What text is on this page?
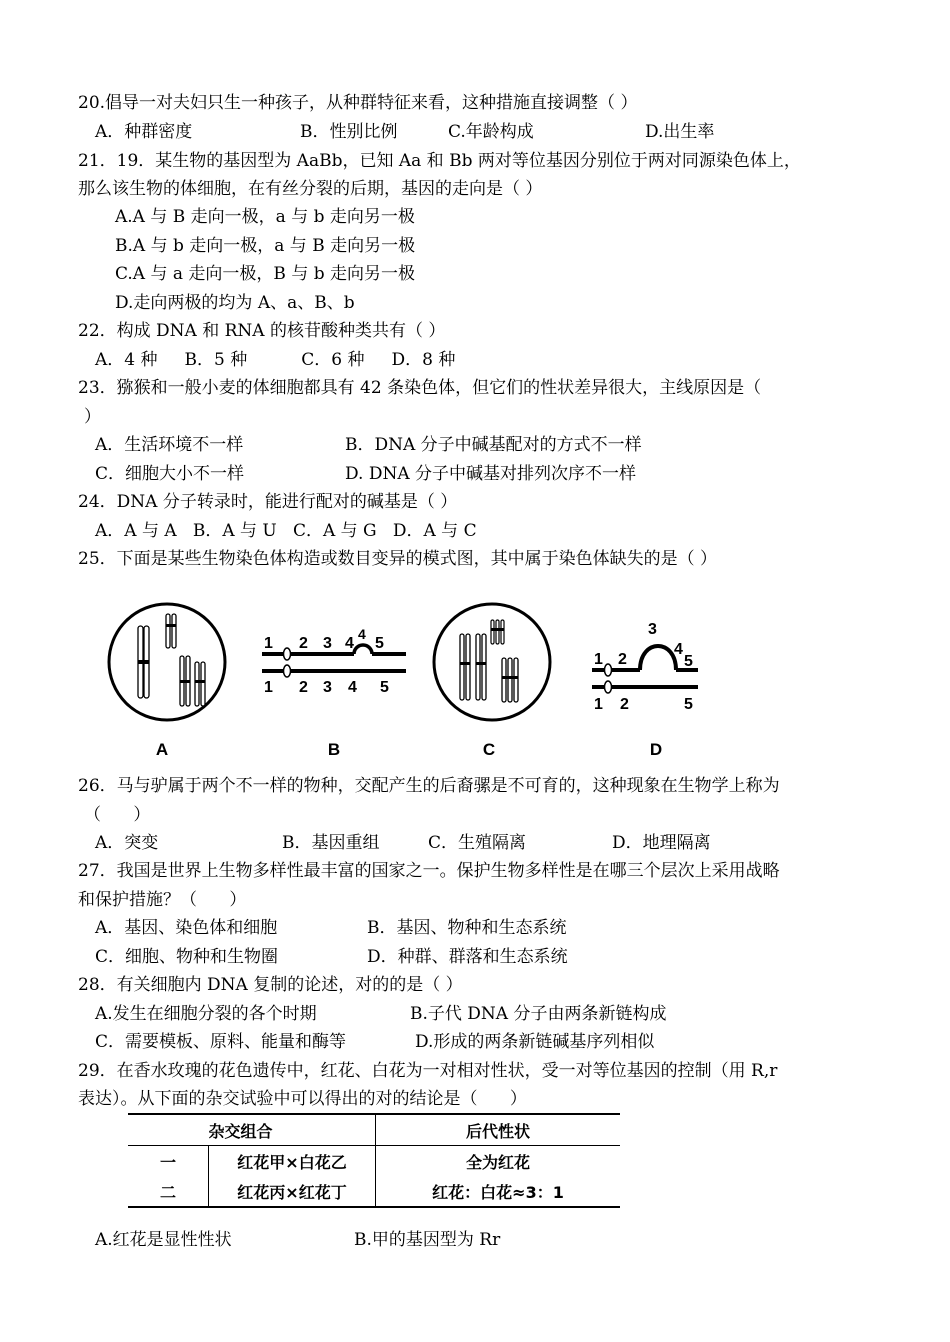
20.倡导一对夫妇只生一种孩子，从种群特征来看，这种措施直接调整（ ）
A．种群密度	B．性别比例	C.年龄构成	D.出生率
21．19．某生物的基因型为 AaBb，已知 Aa 和 Bb 两对等位基因分别位于两对同源染色体上，
那么该生物的体细胞，在有丝分裂的后期，基因的走向是（ ）
A.A 与 B 走向一极，a 与 b 走向另一极
B.A 与 b 走向一极，a 与 B 走向另一极
C.A 与 a 走向一极，B 与 b 走向另一极
D.走向两极的均为 A、a、B、b
22．构成 DNA 和 RNA 的核苷酸种类共有（ ）
A．4 种     B．5 种          C．6 种     D．8 种
23．猕猴和一般小麦的体细胞都具有 42 条染色体，但它们的性状差异很大，主线原因是（
）
A．生活环境不一样	B．DNA 分子中碱基配对的方式不一样
C．细胞大小不一样	D. DNA 分子中碱基对排列次序不一样
24．DNA 分子转录时，能进行配对的碱基是（ ）
A．A 与 A   B．A 与 U   C．A 与 G   D．A 与 C
25．下面是某些生物染色体构造或数目变异的模式图，其中属于染色体缺失的是（ ）
A
1 2 3 4
4
5
1 2 3 4 5
B	C
1 2
3
4
5
1 2	5
D
26．马与驴属于两个不一样的物种，交配产生的后裔骡是不可育的，这种现象在生物学上称为
（      ）
A．突变	B．基因重组	C．生殖隔离	D．地理隔离
27．我国是世界上生物多样性最丰富的国家之一。保护生物多样性是在哪三个层次上采用战略
和保护措施？（      ）
A．基因、染色体和细胞	B．基因、物种和生态系统
C．细胞、物种和生物圈	D．种群、群落和生态系统
28．有关细胞内 DNA 复制的论述，对的的是（ ）
A.发生在细胞分裂的各个时期	B.子代 DNA 分子由两条新链构成
C．需要模板、原料、能量和酶等	D.形成的两条新链碱基序列相似
29．在香水玫瑰的花色遗传中，红花、白花为一对相对性状，受一对等位基因的控制（用 R,r
表达）。从下面的杂交试验中可以得出的对的结论是（      ）
	杂交组合	后代性状
一	红花甲×白花乙	全为红花
二	红花丙×红花丁	红花：白花≈3：1
A.红花是显性性状	B.甲的基因型为 Rr
